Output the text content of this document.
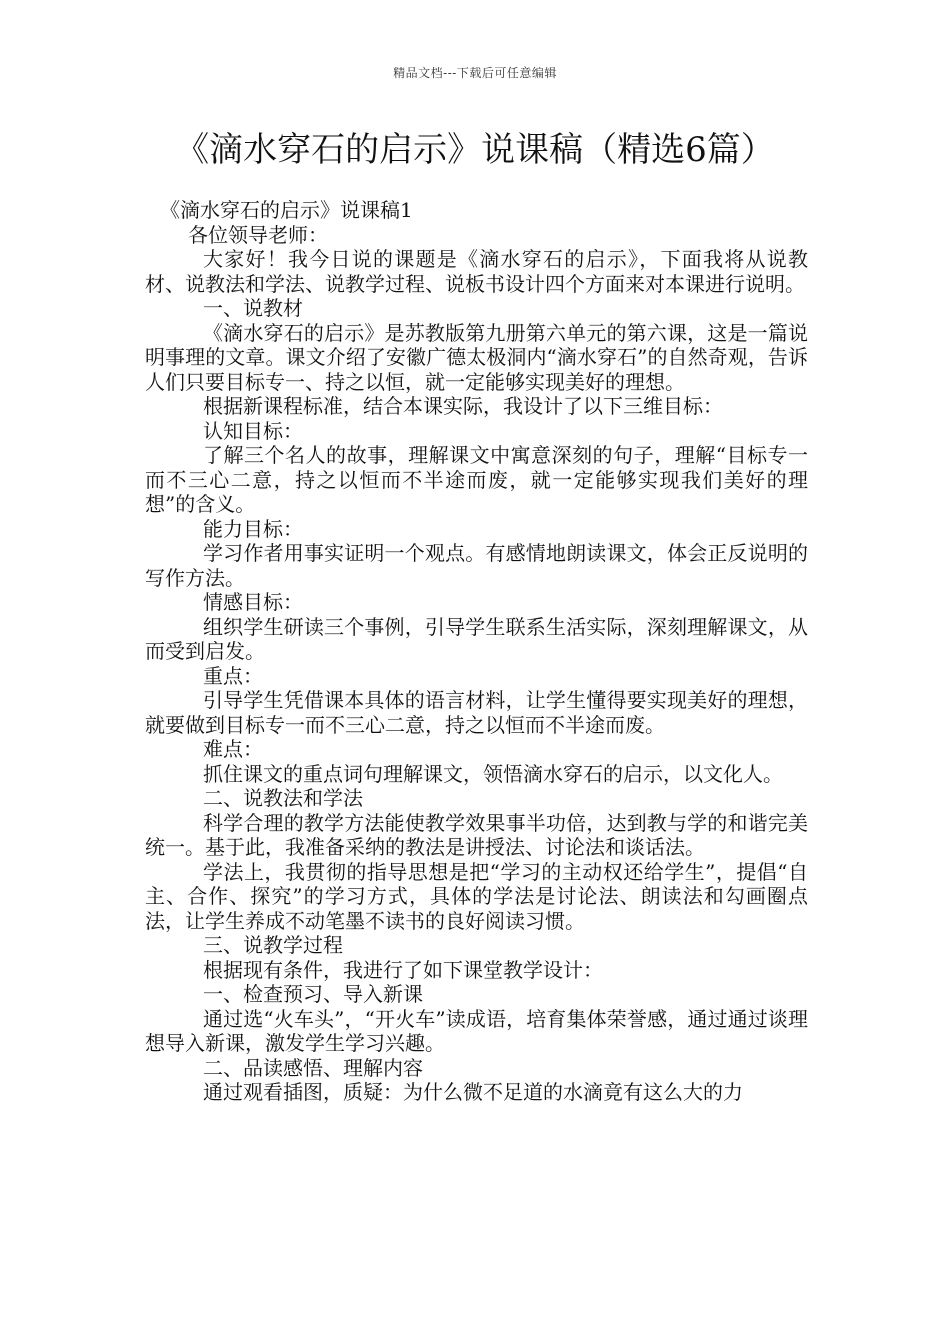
精品文档---下载后可任意编辑
《滴水穿石的启示》说课稿（精选6篇）

《滴水穿石的启示》说课稿1

各位领导老师：

大家好！我今日说的课题是《滴水穿石的启示》，下面我将从说教材、说教法和学法、说教学过程、说板书设计四个方面来对本课进行说明。

一、说教材

《滴水穿石的启示》是苏教版第九册第六单元的第六课，这是一篇说明事理的文章。课文介绍了安徽广德太极洞内“滴水穿石”的自然奇观，告诉人们只要目标专一、持之以恒，就一定能够实现美好的理想。

根据新课程标准，结合本课实际，我设计了以下三维目标：

认知目标：

了解三个名人的故事，理解课文中寓意深刻的句子，理解“目标专一而不三心二意，持之以恒而不半途而废，就一定能够实现我们美好的理想”的含义。

能力目标：

学习作者用事实证明一个观点。有感情地朗读课文，体会正反说明的写作方法。

情感目标：

组织学生研读三个事例，引导学生联系生活实际，深刻理解课文，从而受到启发。

重点：

引导学生凭借课本具体的语言材料，让学生懂得要实现美好的理想，就要做到目标专一而不三心二意，持之以恒而不半途而废。

难点：

抓住课文的重点词句理解课文，领悟滴水穿石的启示，以文化人。

二、说教法和学法

科学合理的教学方法能使教学效果事半功倍，达到教与学的和谐完美统一。基于此，我准备采纳的教法是讲授法、讨论法和谈话法。

学法上，我贯彻的指导思想是把“学习的主动权还给学生”，提倡“自主、合作、探究”的学习方式，具体的学法是讨论法、朗读法和勾画圈点法，让学生养成不动笔墨不读书的良好阅读习惯。

三、说教学过程

根据现有条件，我进行了如下课堂教学设计：

一、检查预习、导入新课

通过选“火车头”，“开火车”读成语，培育集体荣誉感，通过通过谈理想导入新课，激发学生学习兴趣。

二、品读感悟、理解内容

通过观看插图，质疑：为什么微不足道的水滴竟有这么大的力
